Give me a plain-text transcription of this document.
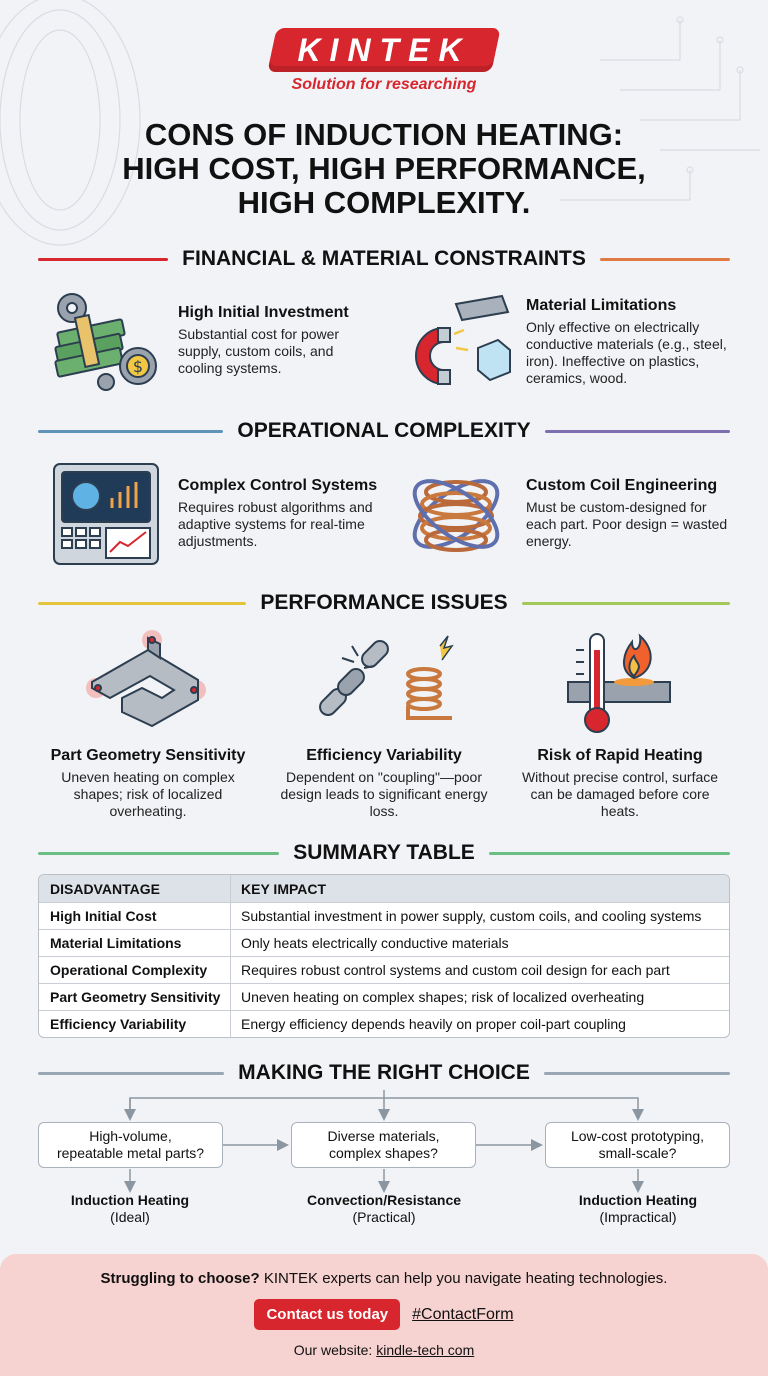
KINTEK
Solution for researching
CONS OF INDUCTION HEATING:
HIGH COST, HIGH PERFORMANCE,
HIGH COMPLEXITY.
FINANCIAL & MATERIAL CONSTRAINTS
$
High Initial Investment
Substantial cost for power supply, custom coils, and cooling systems.
Material Limitations
Only effective on electrically conductive materials (e.g., steel, iron). Ineffective on plastics, ceramics, wood.
OPERATIONAL COMPLEXITY
Complex Control Systems
Requires robust algorithms and adaptive systems for real-time adjustments.
Custom Coil Engineering
Must be custom-designed for each part. Poor design = wasted energy.
PERFORMANCE ISSUES
Part Geometry Sensitivity
Uneven heating on complex shapes; risk of localized overheating.
Efficiency Variability
Dependent on "coupling"—poor design leads to significant energy loss.
Risk of Rapid Heating
Without precise control, surface can be damaged before core heats.
SUMMARY TABLE
DISADVANTAGE	KEY IMPACT
High Initial Cost	Substantial investment in power supply, custom coils, and cooling systems
Material Limitations	Only heats electrically conductive materials
Operational Complexity	Requires robust control systems and custom coil design for each part
Part Geometry Sensitivity	Uneven heating on complex shapes; risk of localized overheating
Efficiency Variability	Energy efficiency depends heavily on proper coil-part coupling
MAKING THE RIGHT CHOICE
High-volume,
repeatable metal parts?
Diverse materials,
complex shapes?
Low-cost prototyping,
small-scale?
Induction Heating
(Ideal)
Convection/Resistance
(Practical)
Induction Heating
(Impractical)
Struggling to choose? KINTEK experts can help you navigate heating technologies.
Contact us today	#ContactForm
Our website: kindle-tech com
